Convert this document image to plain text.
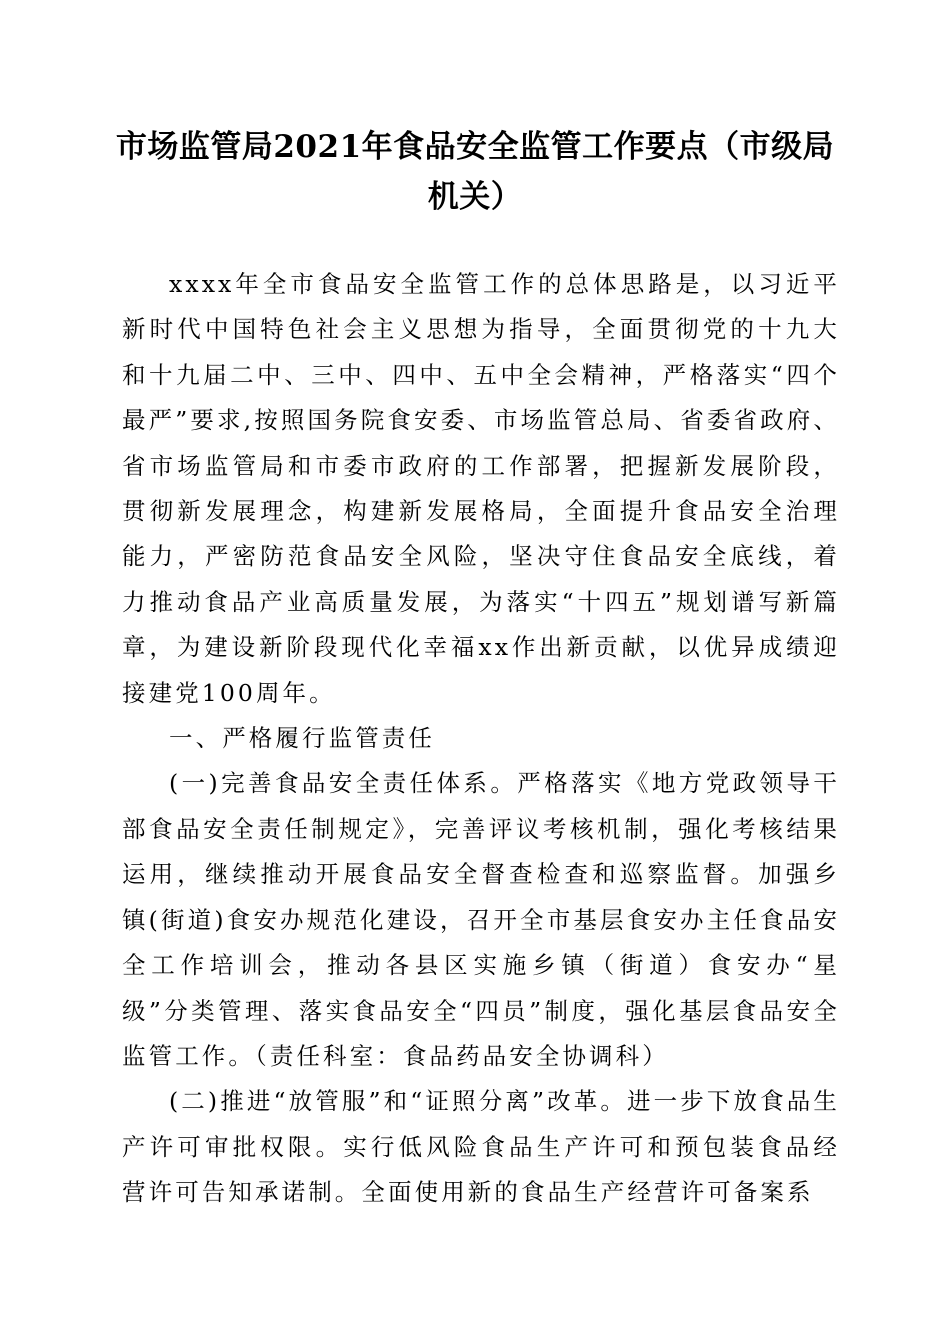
市场监管局2021年食品安全监管工作要点（市级局机关）

xxxx年全市食品安全监管工作的总体思路是，以习近平新时代中国特色社会主义思想为指导，全面贯彻党的十九大和十九届二中、三中、四中、五中全会精神，严格落实“四个最严”要求,按照国务院食安委、市场监管总局、省委省政府、省市场监管局和市委市政府的工作部署，把握新发展阶段，贯彻新发展理念，构建新发展格局，全面提升食品安全治理能力，严密防范食品安全风险，坚决守住食品安全底线，着力推动食品产业高质量发展，为落实“十四五”规划谱写新篇章，为建设新阶段现代化幸福xx作出新贡献，以优异成绩迎接建党100周年。

一、严格履行监管责任

(一)完善食品安全责任体系。严格落实《地方党政领导干部食品安全责任制规定》，完善评议考核机制，强化考核结果运用，继续推动开展食品安全督查检查和巡察监督。加强乡镇(街道)食安办规范化建设，召开全市基层食安办主任食品安全工作培训会，推动各县区实施乡镇（街道）食安办“星级”分类管理、落实食品安全“四员”制度，强化基层食品安全监管工作。（责任科室：食品药品安全协调科）

(二)推进“放管服”和“证照分离”改革。进一步下放食品生产许可审批权限。实行低风险食品生产许可和预包装食品经营许可告知承诺制。全面使用新的食品生产经营许可备案系
